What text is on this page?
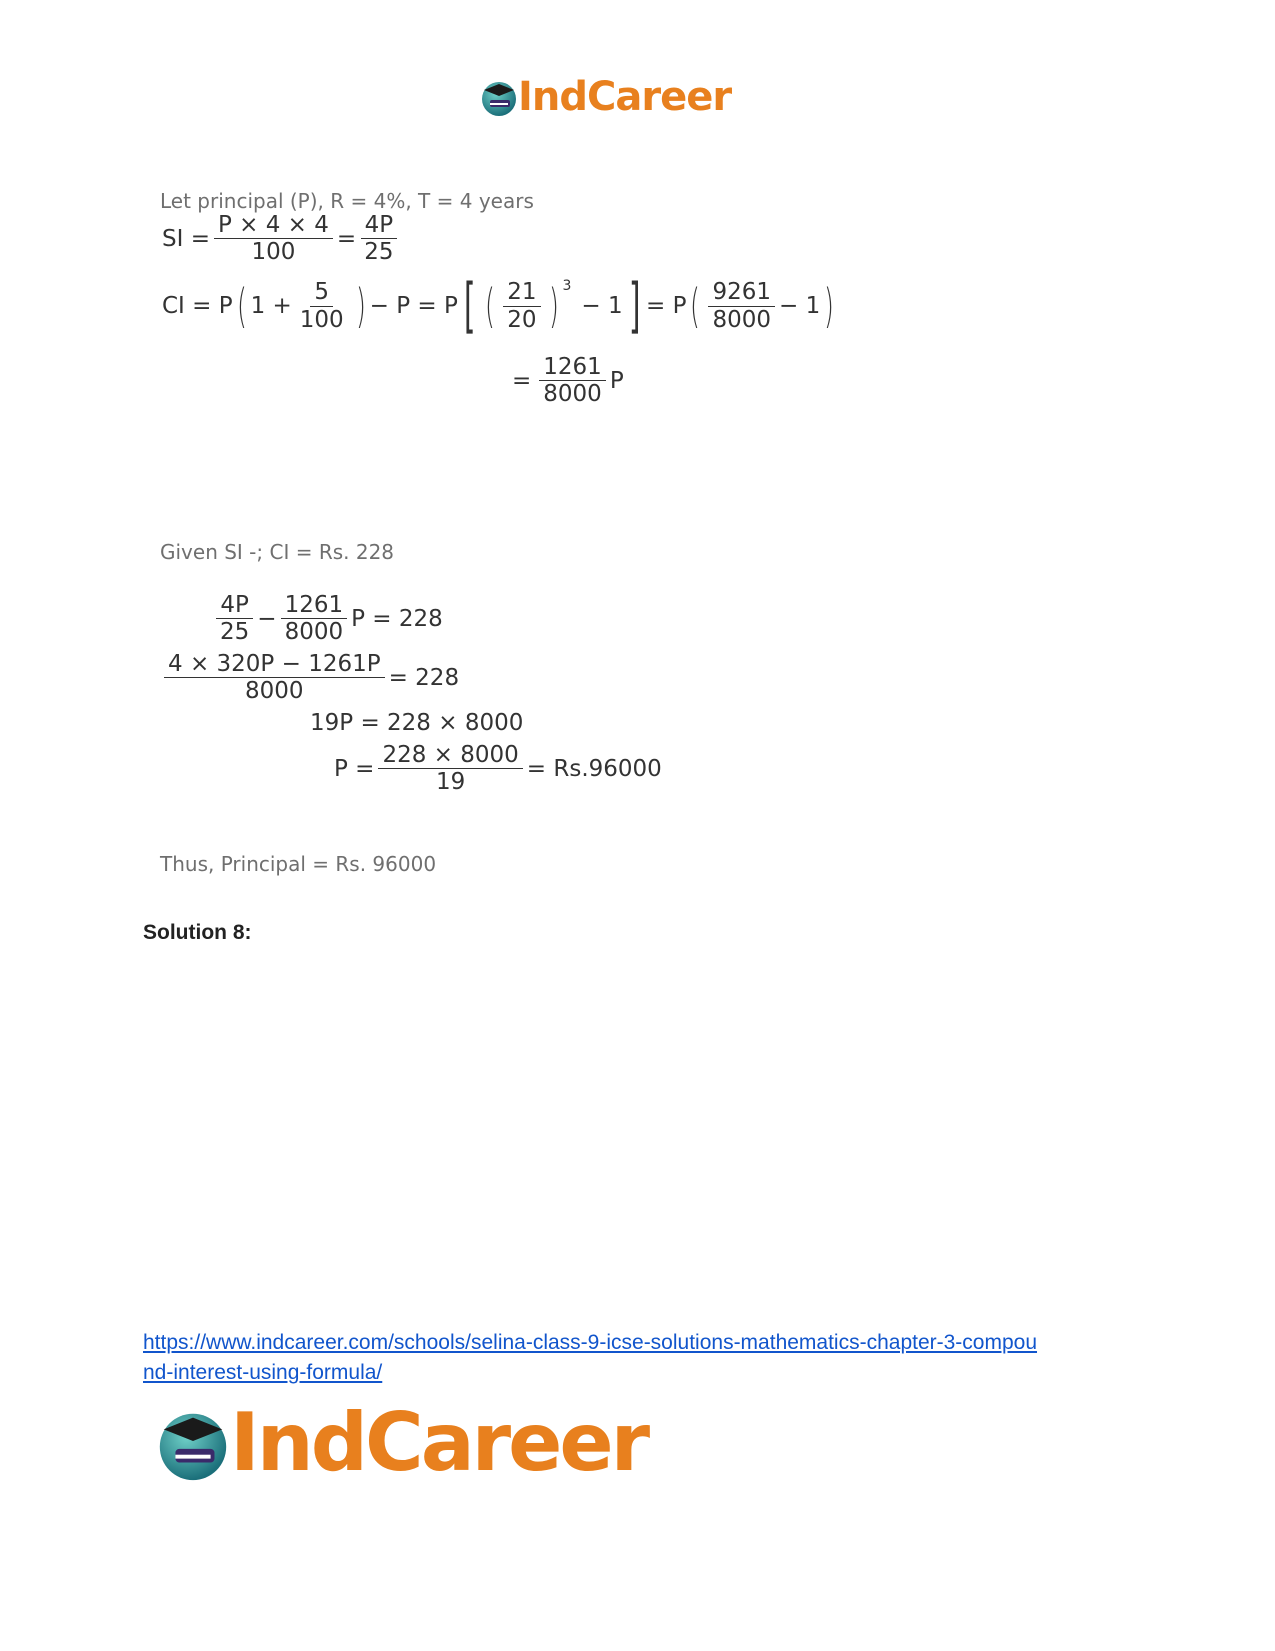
IndCareer
Let principal (P), R = 4%, T = 4 years
SI = $\frac{P \times 4 \times 4}{100} = \frac{4P}{25}$
CI = P ( $1 + \frac{5}{100}$ ) − P = P [ ( $\frac{21}{20}$ ) $^3$
− 1 ] = P ( $\frac{9261}{8000} - 1$ )
= $\frac{1261}{8000}$ P
Given SI -; CI = Rs. 228
$\frac{4P}{25} - \frac{1261}{8000}$ P = 228
$\frac{4 \times 320P - 1261P}{8000} = 228$
19P = 228 × 8000
$P = \frac{228 \times 8000}{19} = Rs.96000$
Thus, Principal = Rs. 96000
Solution 8:
https://www.indcareer.com/schools/selina-class-9-icse-solutions-mathematics-chapter-3-compou
nd-interest-using-formula/
IndCareer
